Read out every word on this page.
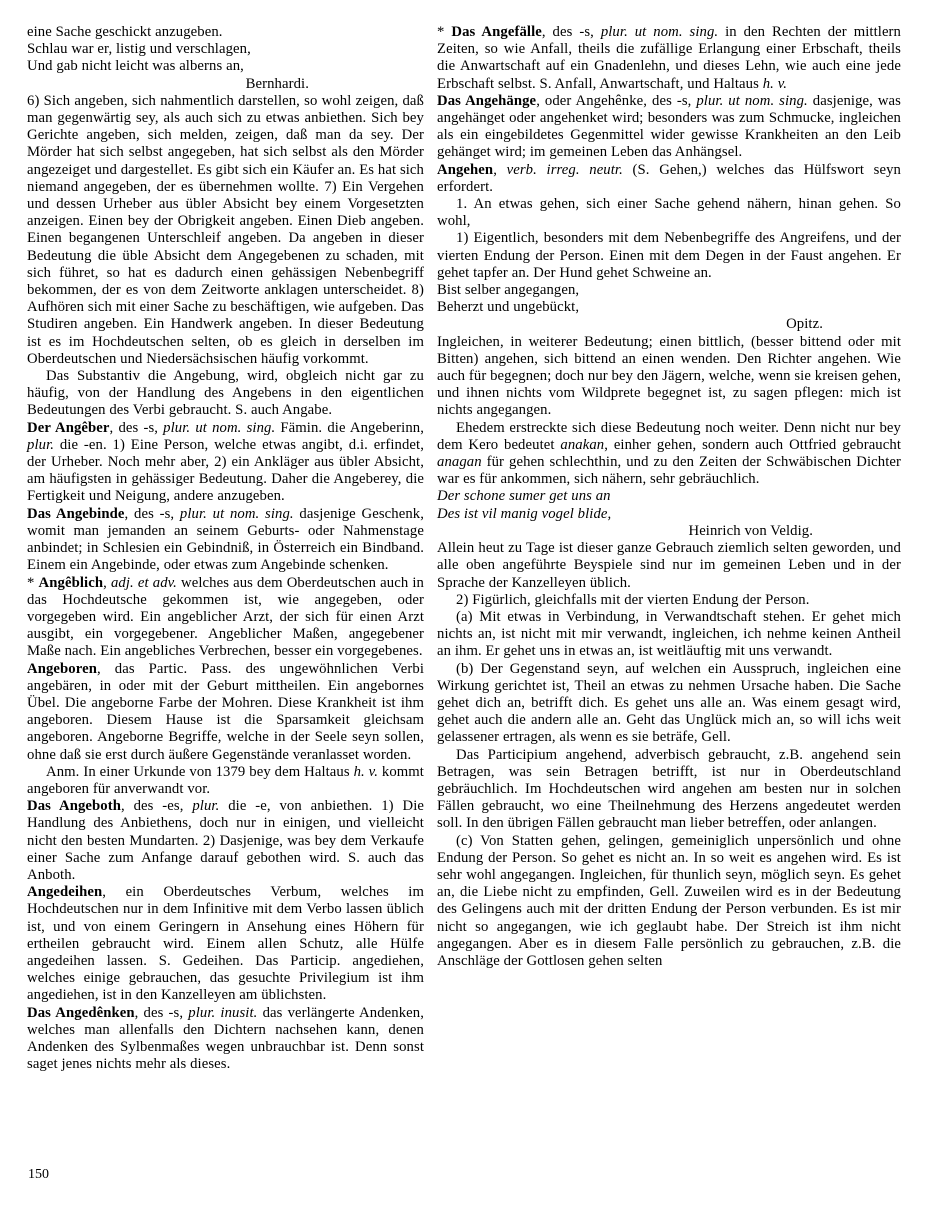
eine Sache geschickt anzugeben.

Schlau war er, listig und verschlagen,

Und gab nicht leicht was alberns an,

Bernhardi.

6) Sich angeben, sich nahmentlich darstellen, so wohl zeigen, daß man gegenwärtig sey, als auch sich zu etwas anbiethen. Sich bey Gerichte angeben, sich melden, zeigen, daß man da sey. Der Mörder hat sich selbst angegeben, hat sich selbst als den Mörder angezeiget und dargestellet. Es gibt sich ein Käufer an. Es hat sich niemand angegeben, der es übernehmen wollte. 7) Ein Vergehen und dessen Urheber aus übler Absicht bey einem Vorgesetzten anzeigen. Einen bey der Obrigkeit angeben. Einen Dieb angeben. Einen begangenen Unterschleif angeben. Da angeben in dieser Bedeutung die üble Absicht dem Angegebenen zu schaden, mit sich führet, so hat es dadurch einen gehässigen Nebenbegriff bekommen, der es von dem Zeitworte anklagen unterscheidet. 8) Aufhören sich mit einer Sache zu beschäftigen, wie aufgeben. Das Studiren angeben. Ein Handwerk angeben. In dieser Bedeutung ist es im Hochdeutschen selten, ob es gleich in derselben im Oberdeutschen und Niedersächsischen häufig vorkommt.

Das Substantiv die Angebung, wird, obgleich nicht gar zu häufig, von der Handlung des Angebens in den eigentlichen Bedeutungen des Verbi gebraucht. S. auch Angabe.

Der Angêber, des -s, plur. ut nom. sing. Fämin. die Angeberinn, plur. die -en. 1) Eine Person, welche etwas angibt, d.i. erfindet, der Urheber. Noch mehr aber, 2) ein Ankläger aus übler Absicht, am häufigsten in gehässiger Bedeutung. Daher die Angeberey, die Fertigkeit und Neigung, andere anzugeben.

Das Angebinde, des -s, plur. ut nom. sing. dasjenige Geschenk, womit man jemanden an seinem Geburts- oder Nahmenstage anbindet; in Schlesien ein Gebindniß, in Österreich ein Bindband. Einem ein Angebinde, oder etwas zum Angebinde schenken.

* Angêblich, adj. et adv. welches aus dem Oberdeutschen auch in das Hochdeutsche gekommen ist, wie angegeben, oder vorgegeben wird. Ein angeblicher Arzt, der sich für einen Arzt ausgibt, ein vorgegebener. Angeblicher Maßen, angegebener Maße nach. Ein angebliches Verbrechen, besser ein vorgegebenes.

Angeboren, das Partic. Pass. des ungewöhnlichen Verbi angebären, in oder mit der Geburt mittheilen. Ein angebornes Übel. Die angeborne Farbe der Mohren. Diese Krankheit ist ihm angeboren. Diesem Hause ist die Sparsamkeit gleichsam angeboren. Angeborne Begriffe, welche in der Seele seyn sollen, ohne daß sie erst durch äußere Gegenstände veranlasset worden.

Anm. In einer Urkunde von 1379 bey dem Haltaus h. v. kommt angeboren für anverwandt vor.

Das Angeboth, des -es, plur. die -e, von anbiethen. 1) Die Handlung des Anbiethens, doch nur in einigen, und vielleicht nicht den besten Mundarten. 2) Dasjenige, was bey dem Verkaufe einer Sache zum Anfange darauf gebothen wird. S. auch das Anboth.

Angedeihen, ein Oberdeutsches Verbum, welches im Hochdeutschen nur in dem Infinitive mit dem Verbo lassen üblich ist, und von einem Geringern in Ansehung eines Höhern für ertheilen gebraucht wird. Einem allen Schutz, alle Hülfe angedeihen lassen. S. Gedeihen. Das Particip. angediehen, welches einige gebrauchen, das gesuchte Privilegium ist ihm angediehen, ist in den Kanzelleyen am üblichsten.

Das Angedênken, des -s, plur. inusit. das verlängerte Andenken, welches man allenfalls den Dichtern nachsehen kann, denen Andenken des Sylbenmaßes wegen unbrauchbar ist. Denn sonst saget jenes nichts mehr als dieses.

* Das Angefälle, des -s, plur. ut nom. sing. in den Rechten der mittlern Zeiten, so wie Anfall, theils die zufällige Erlangung einer Erbschaft, theils die Anwartschaft auf ein Gnadenlehn, und dieses Lehn, wie auch eine jede Erbschaft selbst. S. Anfall, Anwartschaft, und Haltaus h. v.

Das Angehänge, oder Angehênke, des -s, plur. ut nom. sing. dasjenige, was angehänget oder angehenket wird; besonders was zum Schmucke, ingleichen als ein eingebildetes Gegenmittel wider gewisse Krankheiten an den Leib gehänget wird; im gemeinen Leben das Anhängsel.

Angehen, verb. irreg. neutr. (S. Gehen,) welches das Hülfswort seyn erfordert.

1. An etwas gehen, sich einer Sache gehend nähern, hinan gehen. So wohl,

1) Eigentlich, besonders mit dem Nebenbegriffe des Angreifens, und der vierten Endung der Person. Einen mit dem Degen in der Faust angehen. Er gehet tapfer an. Der Hund gehet Schweine an.

Bist selber angegangen,

Beherzt und ungebückt,

Opitz.

Ingleichen, in weiterer Bedeutung; einen bittlich, (besser bittend oder mit Bitten) angehen, sich bittend an einen wenden. Den Richter angehen. Wie auch für begegnen; doch nur bey den Jägern, welche, wenn sie kreisen gehen, und ihnen nichts vom Wildprete begegnet ist, zu sagen pflegen: mich ist nichts angegangen.

Ehedem erstreckte sich diese Bedeutung noch weiter. Denn nicht nur bey dem Kero bedeutet anakan, einher gehen, sondern auch Ottfried gebraucht anagan für gehen schlechthin, und zu den Zeiten der Schwäbischen Dichter war es für ankommen, sich nähern, sehr gebräuchlich.

Der schone sumer get uns an

Des ist vil manig vogel blide,

Heinrich von Veldig.

Allein heut zu Tage ist dieser ganze Gebrauch ziemlich selten geworden, und alle oben angeführte Beyspiele sind nur im gemeinen Leben und in der Sprache der Kanzelleyen üblich.

2) Figürlich, gleichfalls mit der vierten Endung der Person.

(a) Mit etwas in Verbindung, in Verwandtschaft stehen. Er gehet mich nichts an, ist nicht mit mir verwandt, ingleichen, ich nehme keinen Antheil an ihm. Er gehet uns in etwas an, ist weitläuftig mit uns verwandt.

(b) Der Gegenstand seyn, auf welchen ein Ausspruch, ingleichen eine Wirkung gerichtet ist, Theil an etwas zu nehmen Ursache haben. Die Sache gehet dich an, betrifft dich. Es gehet uns alle an. Was einem gesagt wird, gehet auch die andern alle an. Geht das Unglück mich an, so will ichs weit gelassener ertragen, als wenn es sie beträfe, Gell.

Das Participium angehend, adverbisch gebraucht, z.B. angehend sein Betragen, was sein Betragen betrifft, ist nur in Oberdeutschland gebräuchlich. Im Hochdeutschen wird angehen am besten nur in solchen Fällen gebraucht, wo eine Theilnehmung des Herzens angedeutet werden soll. In den übrigen Fällen gebraucht man lieber betreffen, oder anlangen.

(c) Von Statten gehen, gelingen, gemeiniglich unpersönlich und ohne Endung der Person. So gehet es nicht an. In so weit es angehen wird. Es ist sehr wohl angegangen. Ingleichen, für thunlich seyn, möglich seyn. Es gehet an, die Liebe nicht zu empfinden, Gell. Zuweilen wird es in der Bedeutung des Gelingens auch mit der dritten Endung der Person verbunden. Es ist mir nicht so angegangen, wie ich geglaubt habe. Der Streich ist ihm nicht angegangen. Aber es in diesem Falle persönlich zu gebrauchen, z.B. die Anschläge der Gottlosen gehen selten

150
